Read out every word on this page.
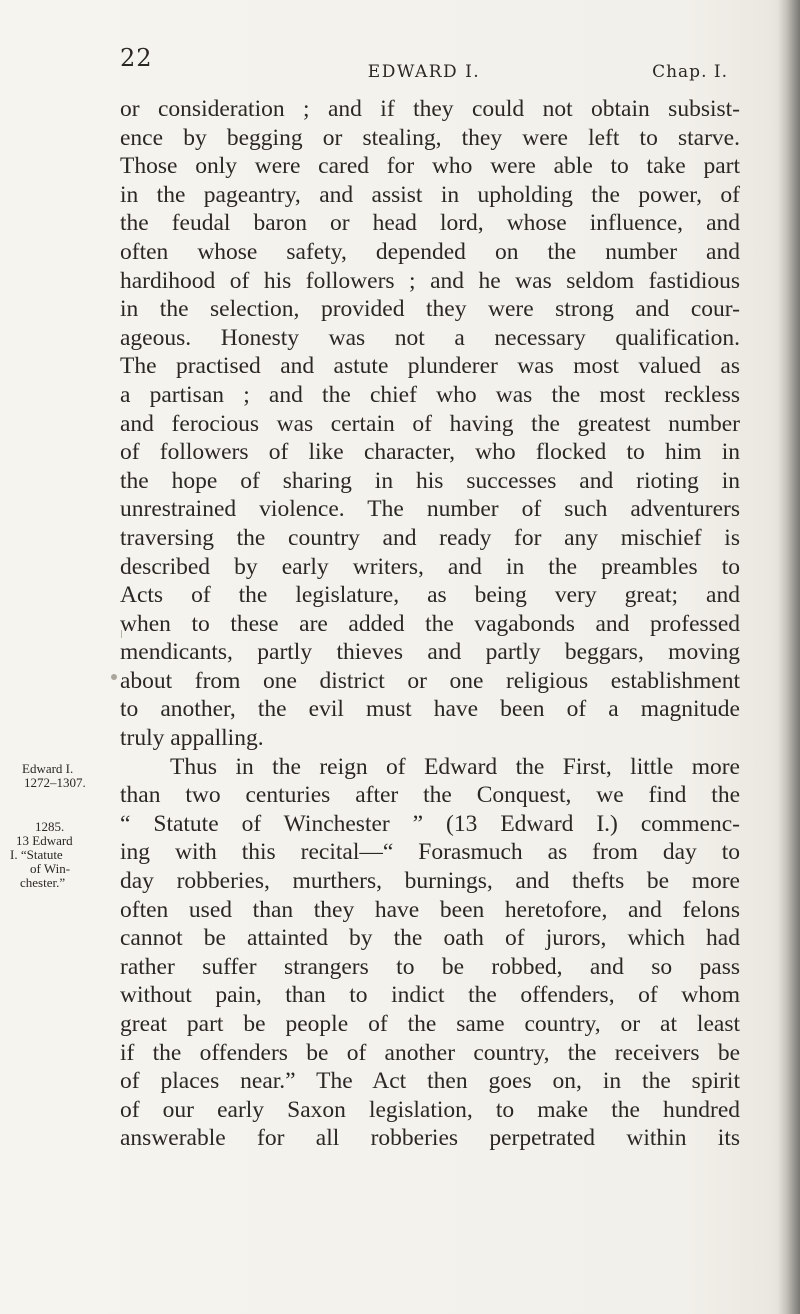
22	EDWARD I.	Chap. I.
Edward I.
1272–1307.
1285.
13 Edward
I. “Statute
of Win-
chester.”
or consideration ; and if they could not obtain subsist-
ence by begging or stealing, they were left to starve.
Those only were cared for who were able to take part
in the pageantry, and assist in upholding the power, of
the feudal baron or head lord, whose influence, and
often whose safety, depended on the number and
hardihood of his followers ; and he was seldom fastidious
in the selection, provided they were strong and cour-
ageous. Honesty was not a necessary qualification.
The practised and astute plunderer was most valued as
a partisan ; and the chief who was the most reckless
and ferocious was certain of having the greatest number
of followers of like character, who flocked to him in
the hope of sharing in his successes and rioting in
unrestrained violence. The number of such adventurers
traversing the country and ready for any mischief is
described by early writers, and in the preambles to
Acts of the legislature, as being very great; and
when to these are added the vagabonds and professed
mendicants, partly thieves and partly beggars, moving
about from one district or one religious establishment
to another, the evil must have been of a magnitude
truly appalling.
Thus in the reign of Edward the First, little more
than two centuries after the Conquest, we find the
“ Statute of Winchester ” (13 Edward I.) commenc-
ing with this recital—“ Forasmuch as from day to
day robberies, murthers, burnings, and thefts be more
often used than they have been heretofore, and felons
cannot be attainted by the oath of jurors, which had
rather suffer strangers to be robbed, and so pass
without pain, than to indict the offenders, of whom
great part be people of the same country, or at least
if the offenders be of another country, the receivers be
of places near.” The Act then goes on, in the spirit
of our early Saxon legislation, to make the hundred
answerable for all robberies perpetrated within its
